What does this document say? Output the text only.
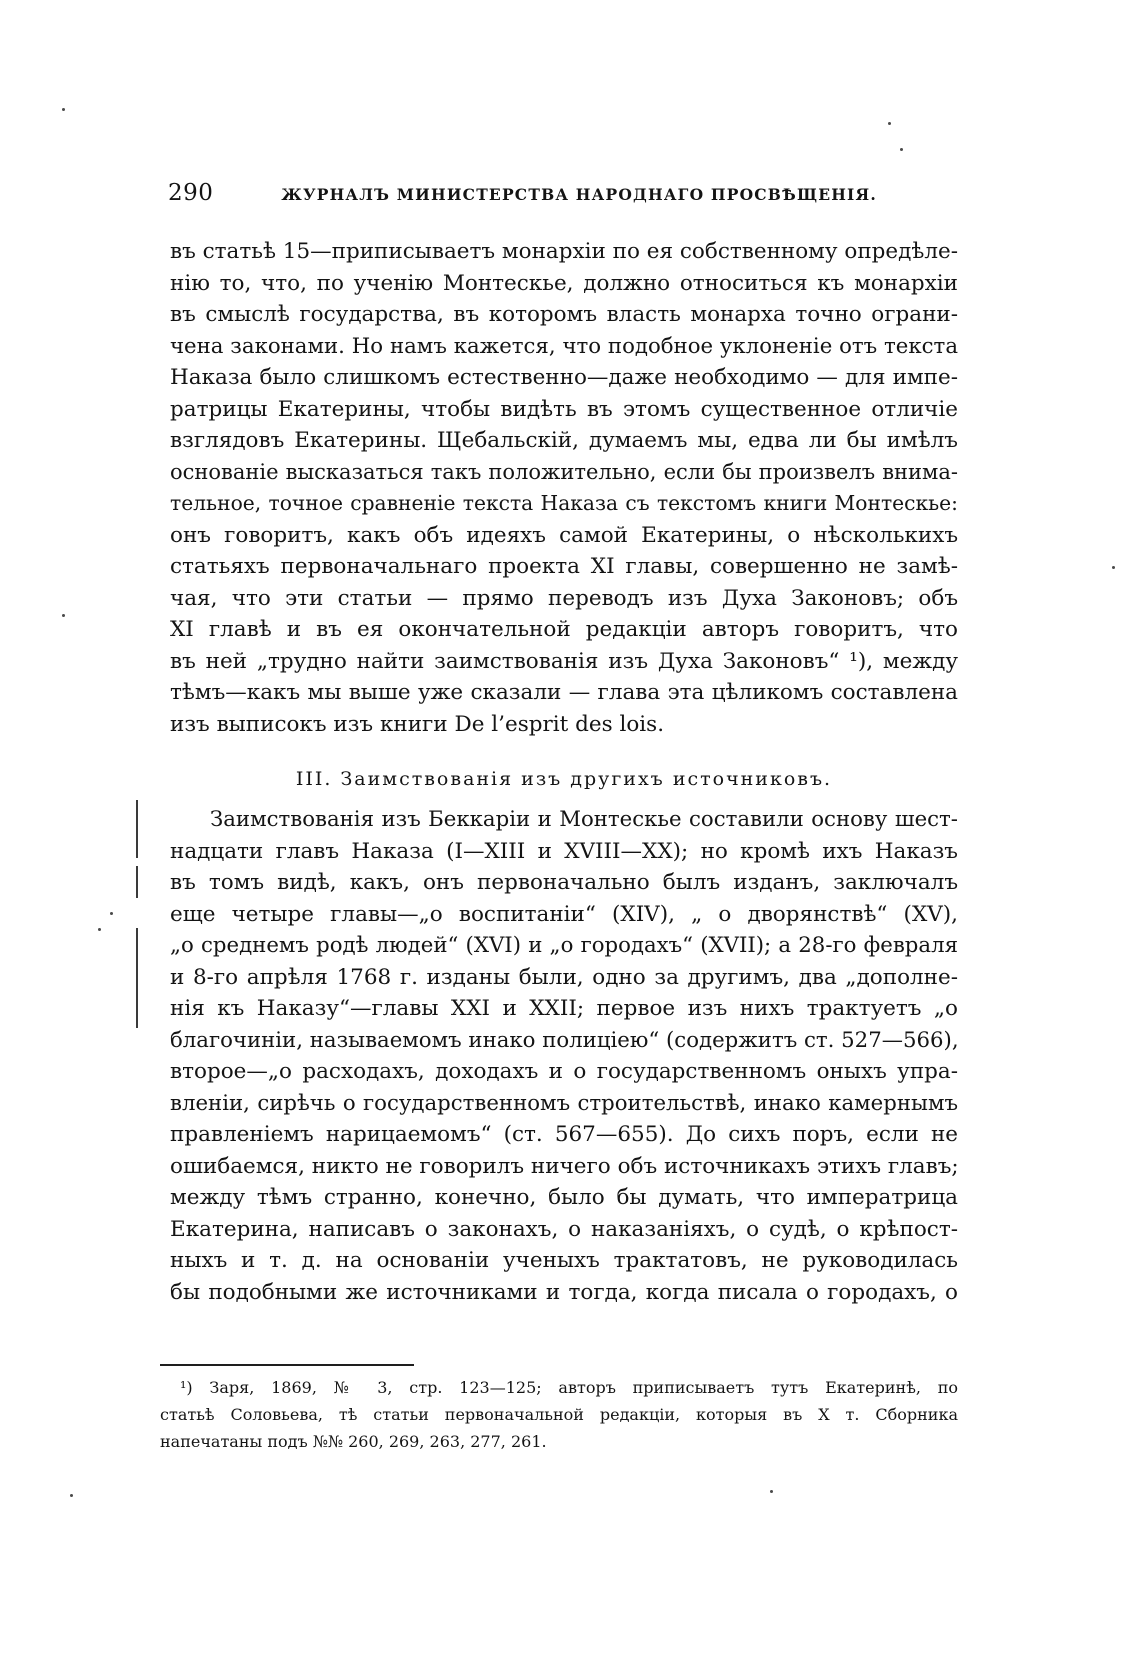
290	ЖУРНАЛЪ МИНИСТЕРСТВА НАРОДНАГО ПРОСВѢЩЕНІЯ.
въ статьѣ 15—приписываетъ монархіи по ея собственному опредѣле-
нію то, что, по ученію Монтескье, должно относиться къ монархіи
въ смыслѣ государства, въ которомъ власть монарха точно ограни-
чена законами. Но намъ кажется, что подобное уклоненіе отъ текста
Наказа было слишкомъ естественно—даже необходимо — для импе-
ратрицы Екатерины, чтобы видѣть въ этомъ существенное отличіе
взглядовъ Екатерины. Щебальскій, думаемъ мы, едва ли бы имѣлъ
основаніе высказаться такъ положительно, если бы произвелъ внима-
тельное, точное сравненіе текста Наказа съ текстомъ книги Монтескье:
онъ говоритъ, какъ объ идеяхъ самой Екатерины, о нѣсколькихъ
статьяхъ первоначальнаго проекта XI главы, совершенно не замѣ-
чая, что эти статьи — прямо переводъ изъ Духа Законовъ; объ
XI главѣ и въ ея окончательной редакціи авторъ говоритъ, что
въ ней „трудно найти заимствованія изъ Духа Законовъ“ ¹), между
тѣмъ—какъ мы выше уже сказали — глава эта цѣликомъ составлена
изъ выписокъ изъ книги De l’esprit des lois.
III. Заимствованія изъ другихъ источниковъ.
Заимствованія изъ Беккаріи и Монтескье составили основу шест-
надцати главъ Наказа (I—XIII и XVIII—XX); но кромѣ ихъ Наказъ
въ томъ видѣ, какъ, онъ первоначально былъ изданъ, заключалъ
еще четыре главы—„о воспитаніи“ (XIV), „ о дворянствѣ“ (XV),
„о среднемъ родѣ людей“ (XVI) и „о городахъ“ (XVII); а 28-го февраля
и 8-го апрѣля 1768 г. изданы были, одно за другимъ, два „дополне-
нія къ Наказу“—главы XXI и XXII; первое изъ нихъ трактуетъ „о
благочиніи, называемомъ инако полиціею“ (содержитъ ст. 527—566),
второе—„о расходахъ, доходахъ и о государственномъ оныхъ упра-
вленіи, сирѣчь о государственномъ строительствѣ, инако камернымъ
правленіемъ нарицаемомъ“ (ст. 567—655). До сихъ поръ, если не
ошибаемся, никто не говорилъ ничего объ источникахъ этихъ главъ;
между тѣмъ странно, конечно, было бы думать, что императрица
Екатерина, написавъ о законахъ, о наказаніяхъ, о судѣ, о крѣпост-
ныхъ и т. д. на основаніи ученыхъ трактатовъ, не руководилась
бы подобными же источниками и тогда, когда писала о городахъ, о
¹) Заря, 1869, № 3, стр. 123—125; авторъ приписываетъ тутъ Екатеринѣ, по
статьѣ Соловьева, тѣ статьи первоначальной редакціи, которыя въ X т. Сборника
напечатаны подъ №№ 260, 269, 263, 277, 261.
